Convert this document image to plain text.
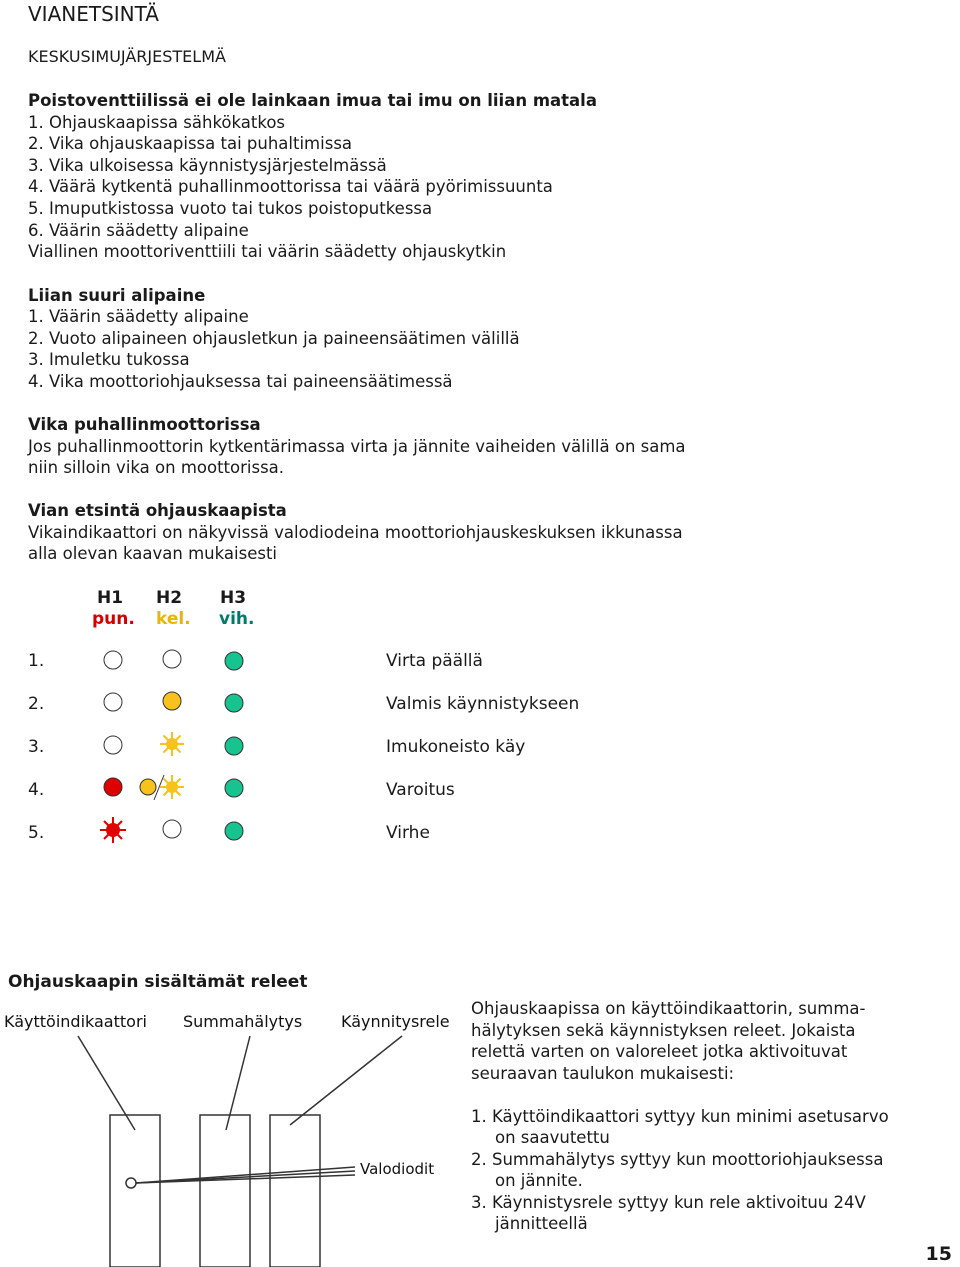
VIANETSINTÄ
KESKUSIMUJÄRJESTELMÄ
Poistoventtiilissä ei ole lainkaan imua tai imu on liian matala
1. Ohjauskaapissa sähkökatkos
2. Vika ohjauskaapissa tai puhaltimissa
3. Vika ulkoisessa käynnistysjärjestelmässä
4. Väärä kytkentä puhallinmoottorissa tai väärä pyörimissuunta
5. Imuputkistossa vuoto tai tukos poistoputkessa
6. Väärin säädetty alipaine
Viallinen moottoriventtiili tai väärin säädetty ohjauskytkin
Liian suuri alipaine
1. Väärin säädetty alipaine
2. Vuoto alipaineen ohjausletkun ja paineensäätimen välillä
3. Imuletku tukossa
4. Vika moottoriohjauksessa tai paineensäätimessä
Vika puhallinmoottorissa
Jos puhallinmoottorin kytkentärimassa virta ja jännite vaiheiden välillä on sama
niin silloin vika on moottorissa.
Vian etsintä ohjauskaapista
Vikaindikaattori on näkyvissä valodiodeina moottoriohjauskeskuksen ikkunassa
alla olevan kaavan mukaisesti
H1 H2 H3
pun. kel. vih.
1.	Virta päällä
2.	Valmis käynnistykseen
3.	Imukoneisto käy
4.	Varoitus
5.	Virhe
Ohjauskaapin sisältämät releet
Käyttöindikaattori Summahälytys Käynnitysrele
Valodiodit
Ohjauskaapissa on käyttöindikaattorin, summa-
hälytyksen sekä käynnistyksen releet. Jokaista
relettä varten on valoreleet jotka aktivoituvat
seuraavan taulukon mukaisesti:
1. Käyttöindikaattori syttyy kun minimi asetusarvo
on saavutettu
2. Summahälytys syttyy kun moottoriohjauksessa
on jännite.
3. Käynnistysrele syttyy kun rele aktivoituu 24V
jännitteellä
15
